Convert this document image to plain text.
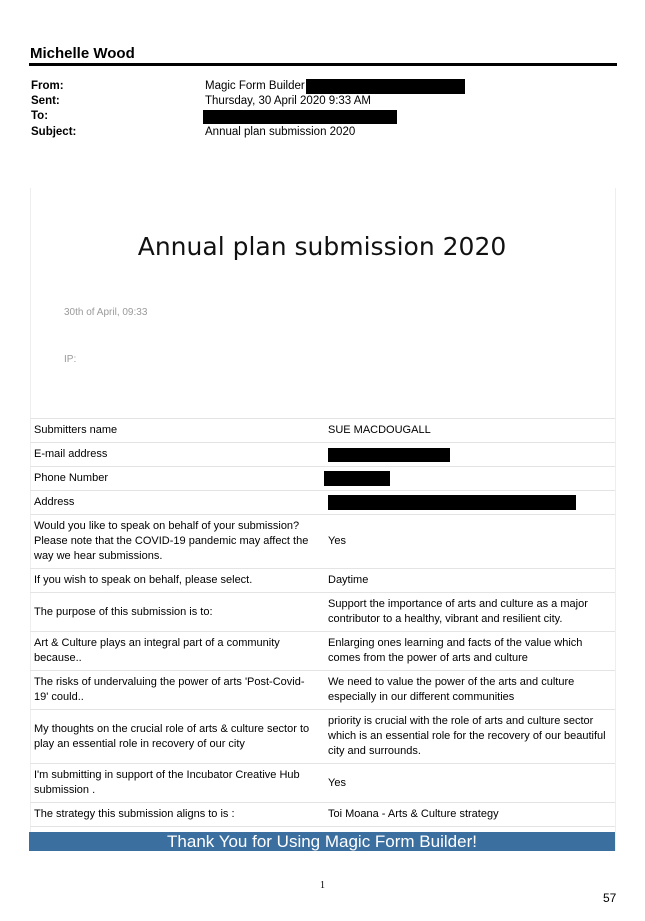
Michelle Wood
From:	Magic Form Builder
Sent:	Thursday, 30 April 2020 9:33 AM
To:
Subject:	Annual plan submission 2020
Annual plan submission 2020
30th of April, 09:33
IP:
Submitters name	SUE MACDOUGALL
E-mail address	

Phone Number	

Address	

Would you like to speak on behalf of your submission? Please note that the COVID-19 pandemic may affect the way we hear submissions.	Yes
If you wish to speak on behalf, please select.	Daytime
The purpose of this submission is to:	Support the importance of arts and culture as a major contributor to a healthy, vibrant and resilient city.
Art & Culture plays an integral part of a community because..	Enlarging ones learning and facts of the value which comes from the power of arts and culture
The risks of undervaluing the power of arts 'Post-Covid-19' could..	We need to value the power of the arts and culture especially in our different communities
My thoughts on the crucial role of arts & culture sector to play an essential role in recovery of our city	priority is crucial with the role of arts and culture sector which is an essential role for the recovery of our beautiful city and surrounds.
I'm submitting in support of the Incubator Creative Hub submission .	Yes
The strategy this submission aligns to is :	Toi Moana - Arts & Culture strategy
Thank You for Using Magic Form Builder!
1
57
